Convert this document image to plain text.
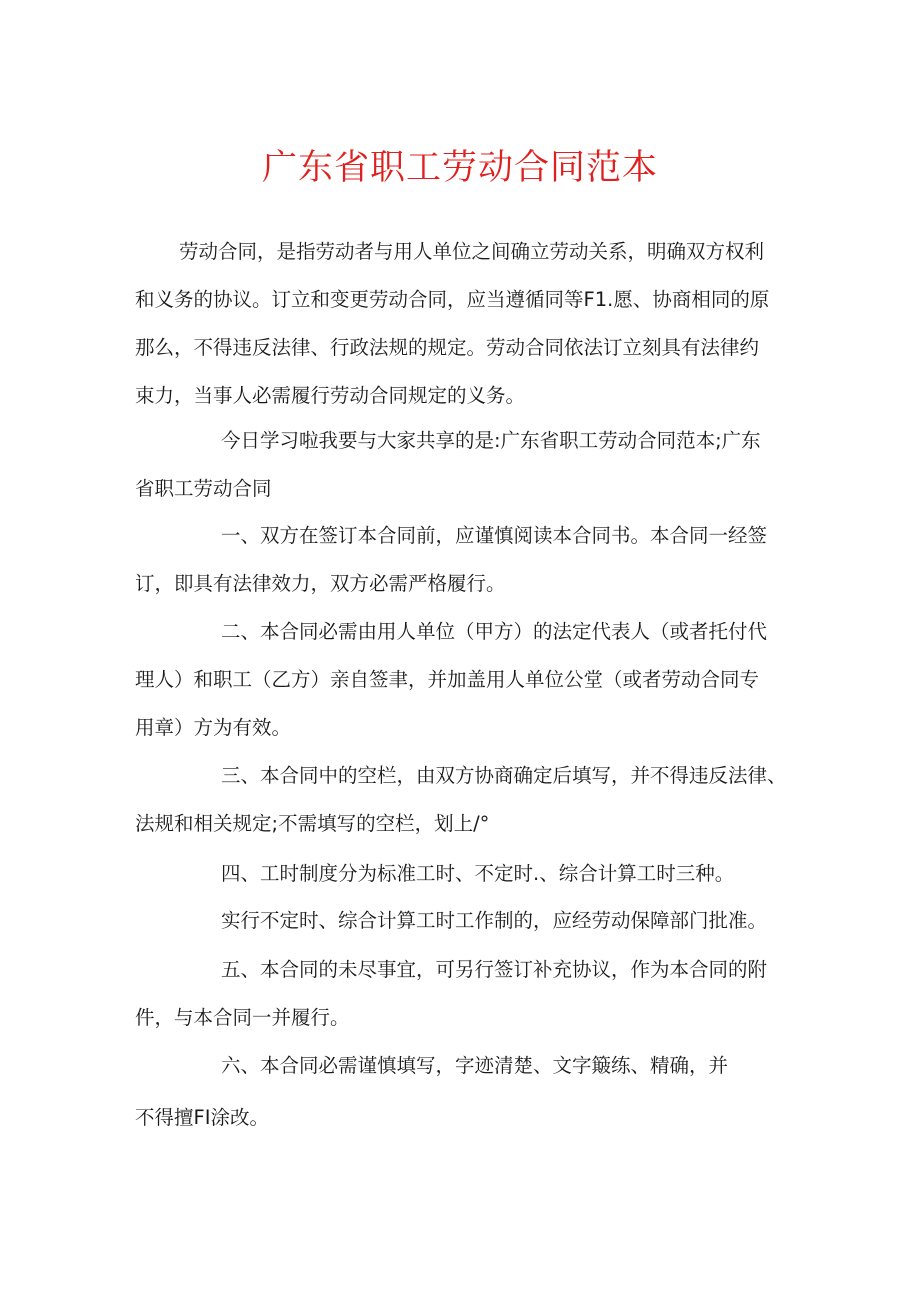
广东省职工劳动合同范本
劳动合同，是指劳动者与用人单位之间确立劳动关系，明确双方权利
和义务的协议。订立和变更劳动合同，应当遵循同等F1.愿、协商相同的原
那么，不得违反法律、行政法规的规定。劳动合同依法订立刻具有法律约
束力，当事人必需履行劳动合同规定的义务。
今日学习啦我要与大家共享的是:广东省职工劳动合同范本;广东
省职工劳动合同
一、双方在签订本合同前，应谨慎阅读本合同书。本合同一经签
订，即具有法律效力，双方必需严格履行。
二、本合同必需由用人单位（甲方）的法定代表人（或者托付代
理人）和职工（乙方）亲自签聿，并加盖用人单位公堂（或者劳动合同专
用章）方为有效。
三、本合同中的空栏，由双方协商确定后填写，并不得违反法律、
法规和相关规定;不需填写的空栏，划上/°
四、工时制度分为标准工时、不定时.、综合计算工时三种。
实行不定时、综合计算工时工作制的，应经劳动保障部门批准。
五、本合同的未尽事宜，可另行签订补充协议，作为本合同的附
件，与本合同一并履行。
六、本合同必需谨慎填写，字迹清楚、文字簸练、精确，并
不得擅FI涂改。
